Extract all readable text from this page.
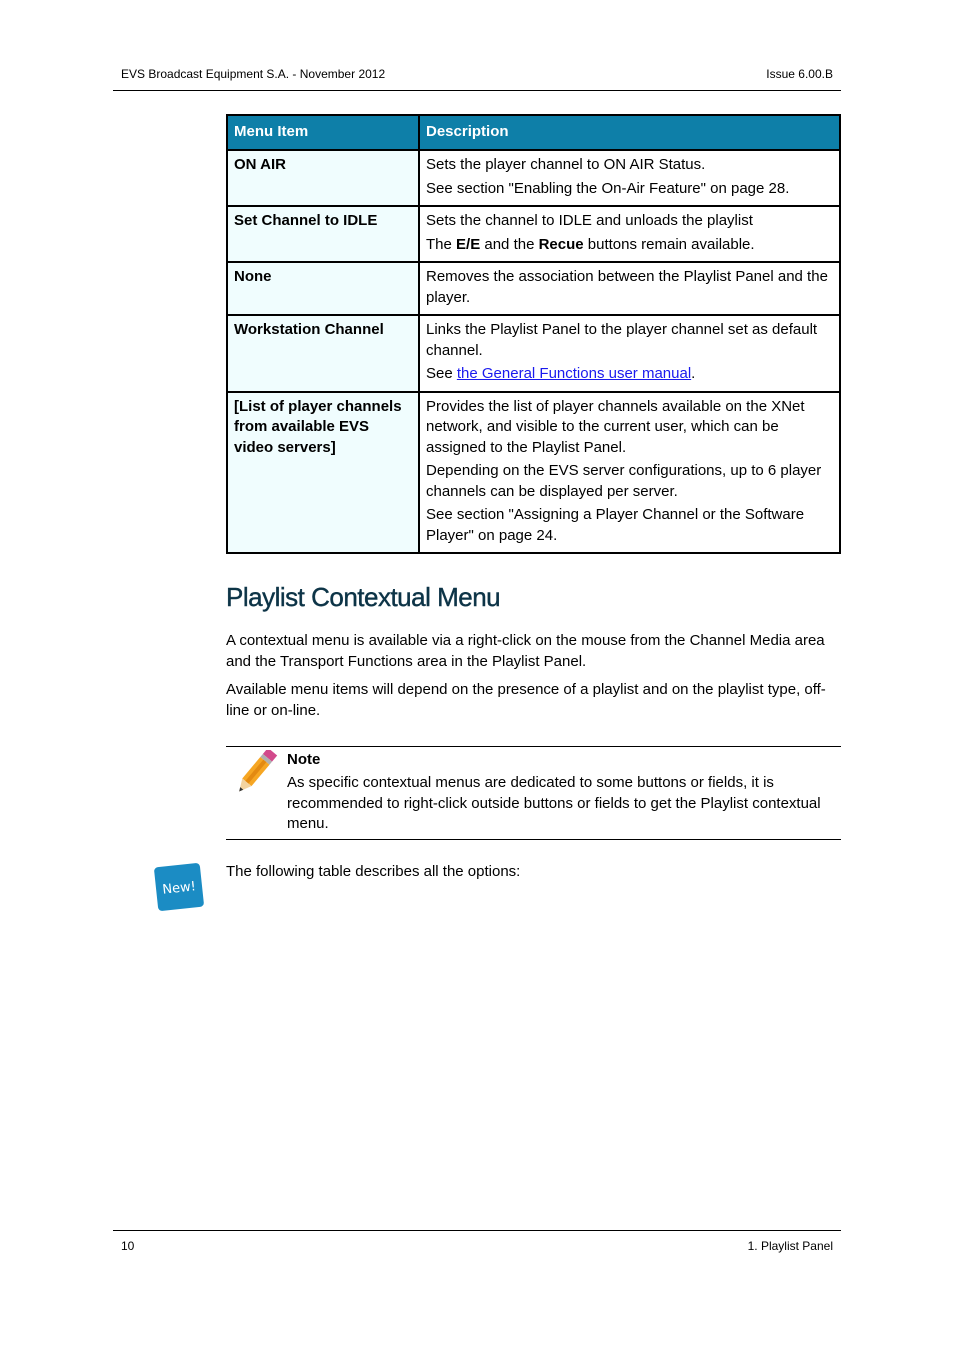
EVS Broadcast Equipment S.A. - November 2012	Issue 6.00.B
Menu Item	Description
ON AIR	Sets the player channel to ON AIR Status.

See section "Enabling the On-Air Feature" on page 28.

Set Channel to IDLE	Sets the channel to IDLE and unloads the playlist

The E/E and the Recue buttons remain available.

None	Removes the association between the Playlist Panel and the player.

Workstation Channel	Links the Playlist Panel to the player channel set as default channel.

See the General Functions user manual.

[List of player channels from available EVS video servers]	Provides the list of player channels available on the XNet network, and visible to the current user, which can be assigned to the Playlist Panel.

Depending on the EVS server configurations, up to 6 player channels can be displayed per server.

See section "Assigning a Player Channel or the Software Player" on page 24.

Playlist Contextual Menu

A contextual menu is available via a right-click on the mouse from the Channel Media area and the Transport Functions area in the Playlist Panel.

Available menu items will depend on the presence of a playlist and on the playlist type, off-line or on-line.

Note
As specific contextual menus are dedicated to some buttons or fields, it is recommended to right-click outside buttons or fields to get the Playlist contextual menu.
New!

The following table describes all the options:

10	1. Playlist Panel
